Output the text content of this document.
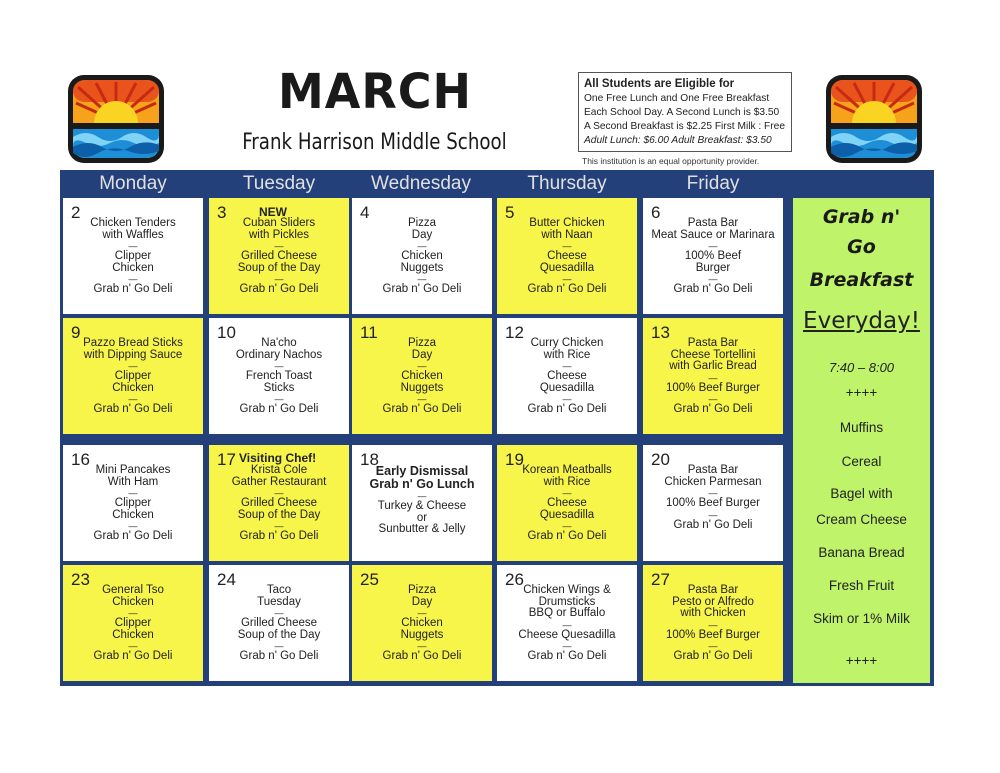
MARCH
Frank Harrison Middle School
All Students are Eligible for
One Free Lunch and One Free Breakfast
Each School Day. A Second Lunch is $3.50
A Second Breakfast is $2.25 First Milk : Free
Adult Lunch: $6.00 Adult Breakfast: $3.50
This institution is an equal opportunity provider.
Monday	Tuesday	Wednesday	Thursday	Friday
2
Chicken Tenders
with Waffles
—
Clipper
Chicken
—
Grab n' Go Deli
3	NEW
Cuban Sliders
with Pickles
—
Grilled Cheese
Soup of the Day
—
Grab n' Go Deli
4
Pizza
Day
—
Chicken
Nuggets
—
Grab n' Go Deli
5
Butter Chicken
with Naan
—
Cheese
Quesadilla
—
Grab n' Go Deli
6
Pasta Bar
Meat Sauce or Marinara
—
100% Beef
Burger
—
Grab n' Go Deli
9
Pazzo Bread Sticks
with Dipping Sauce
—
Clipper
Chicken
—
Grab n' Go Deli
10
Na'cho
Ordinary Nachos
—
French Toast
Sticks
—
Grab n' Go Deli
11
Pizza
Day
—
Chicken
Nuggets
—
Grab n' Go Deli
12
Curry Chicken
with Rice
—
Cheese
Quesadilla
—
Grab n' Go Deli
13
Pasta Bar
Cheese Tortellini
with Garlic Bread
—
100% Beef Burger
—
Grab n' Go Deli
16
Mini Pancakes
With Ham
—
Clipper
Chicken
—
Grab n' Go Deli
17 Visiting Chef!
Krista Cole
Gather Restaurant
—
Grilled Cheese
Soup of the Day
—
Grab n' Go Deli
18
Early Dismissal
Grab n' Go Lunch
—
Turkey & Cheese
or
Sunbutter & Jelly
19
Korean Meatballs
with Rice
—
Cheese
Quesadilla
—
Grab n' Go Deli
20
Pasta Bar
Chicken Parmesan
—
100% Beef Burger
—
Grab n' Go Deli
23
General Tso
Chicken
—
Clipper
Chicken
—
Grab n' Go Deli
24
Taco
Tuesday
—
Grilled Cheese
Soup of the Day
—
Grab n' Go Deli
25
Pizza
Day
—
Chicken
Nuggets
—
Grab n' Go Deli
26
Chicken Wings &
Drumsticks
BBQ or Buffalo
—
Cheese Quesadilla
—
Grab n' Go Deli
27
Pasta Bar
Pesto or Alfredo
with Chicken
—
100% Beef Burger
—
Grab n' Go Deli
Grab n'
Go
Breakfast
Everyday!
7:40 – 8:00
++++
Muffins
Cereal
Bagel with
Cream Cheese
Banana Bread
Fresh Fruit
Skim or 1% Milk
++++
